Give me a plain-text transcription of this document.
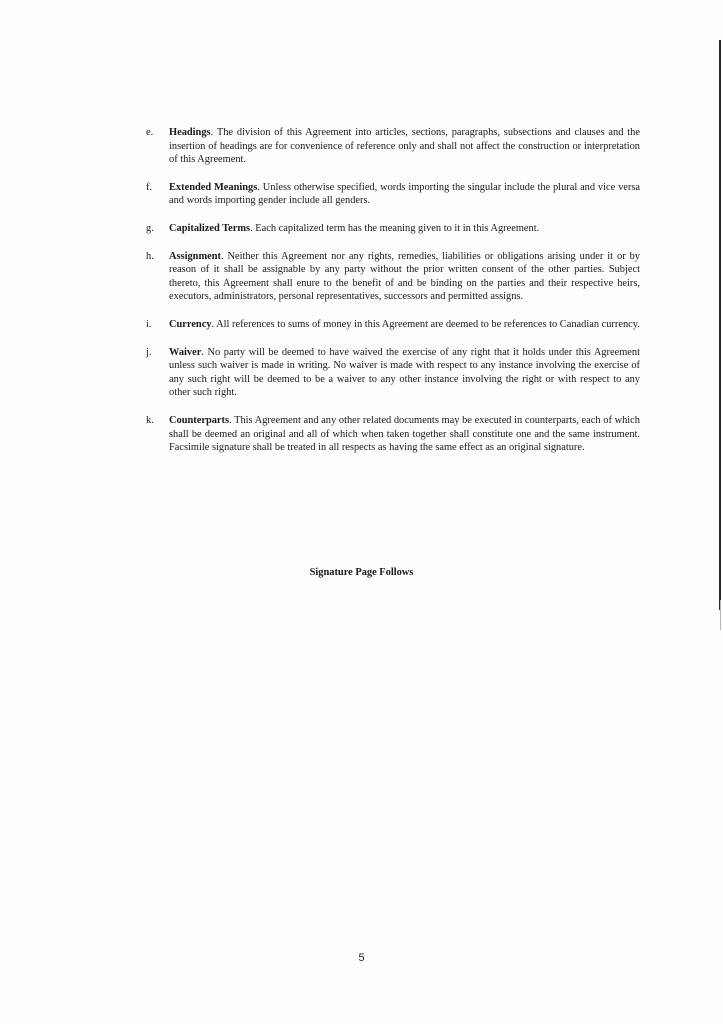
e. Headings. The division of this Agreement into articles, sections, paragraphs, subsections and clauses and the insertion of headings are for convenience of reference only and shall not affect the construction or interpretation of this Agreement.
f. Extended Meanings. Unless otherwise specified, words importing the singular include the plural and vice versa and words importing gender include all genders.
g. Capitalized Terms. Each capitalized term has the meaning given to it in this Agreement.
h. Assignment. Neither this Agreement nor any rights, remedies, liabilities or obligations arising under it or by reason of it shall be assignable by any party without the prior written consent of the other parties. Subject thereto, this Agreement shall enure to the benefit of and be binding on the parties and their respective heirs, executors, administrators, personal representatives, successors and permitted assigns.
i. Currency. All references to sums of money in this Agreement are deemed to be references to Canadian currency.
j. Waiver. No party will be deemed to have waived the exercise of any right that it holds under this Agreement unless such waiver is made in writing. No waiver is made with respect to any instance involving the exercise of any such right will be deemed to be a waiver to any other instance involving the right or with respect to any other such right.
k. Counterparts. This Agreement and any other related documents may be executed in counterparts, each of which shall be deemed an original and all of which when taken together shall constitute one and the same instrument. Facsimile signature shall be treated in all respects as having the same effect as an original signature.
Signature Page Follows
5
